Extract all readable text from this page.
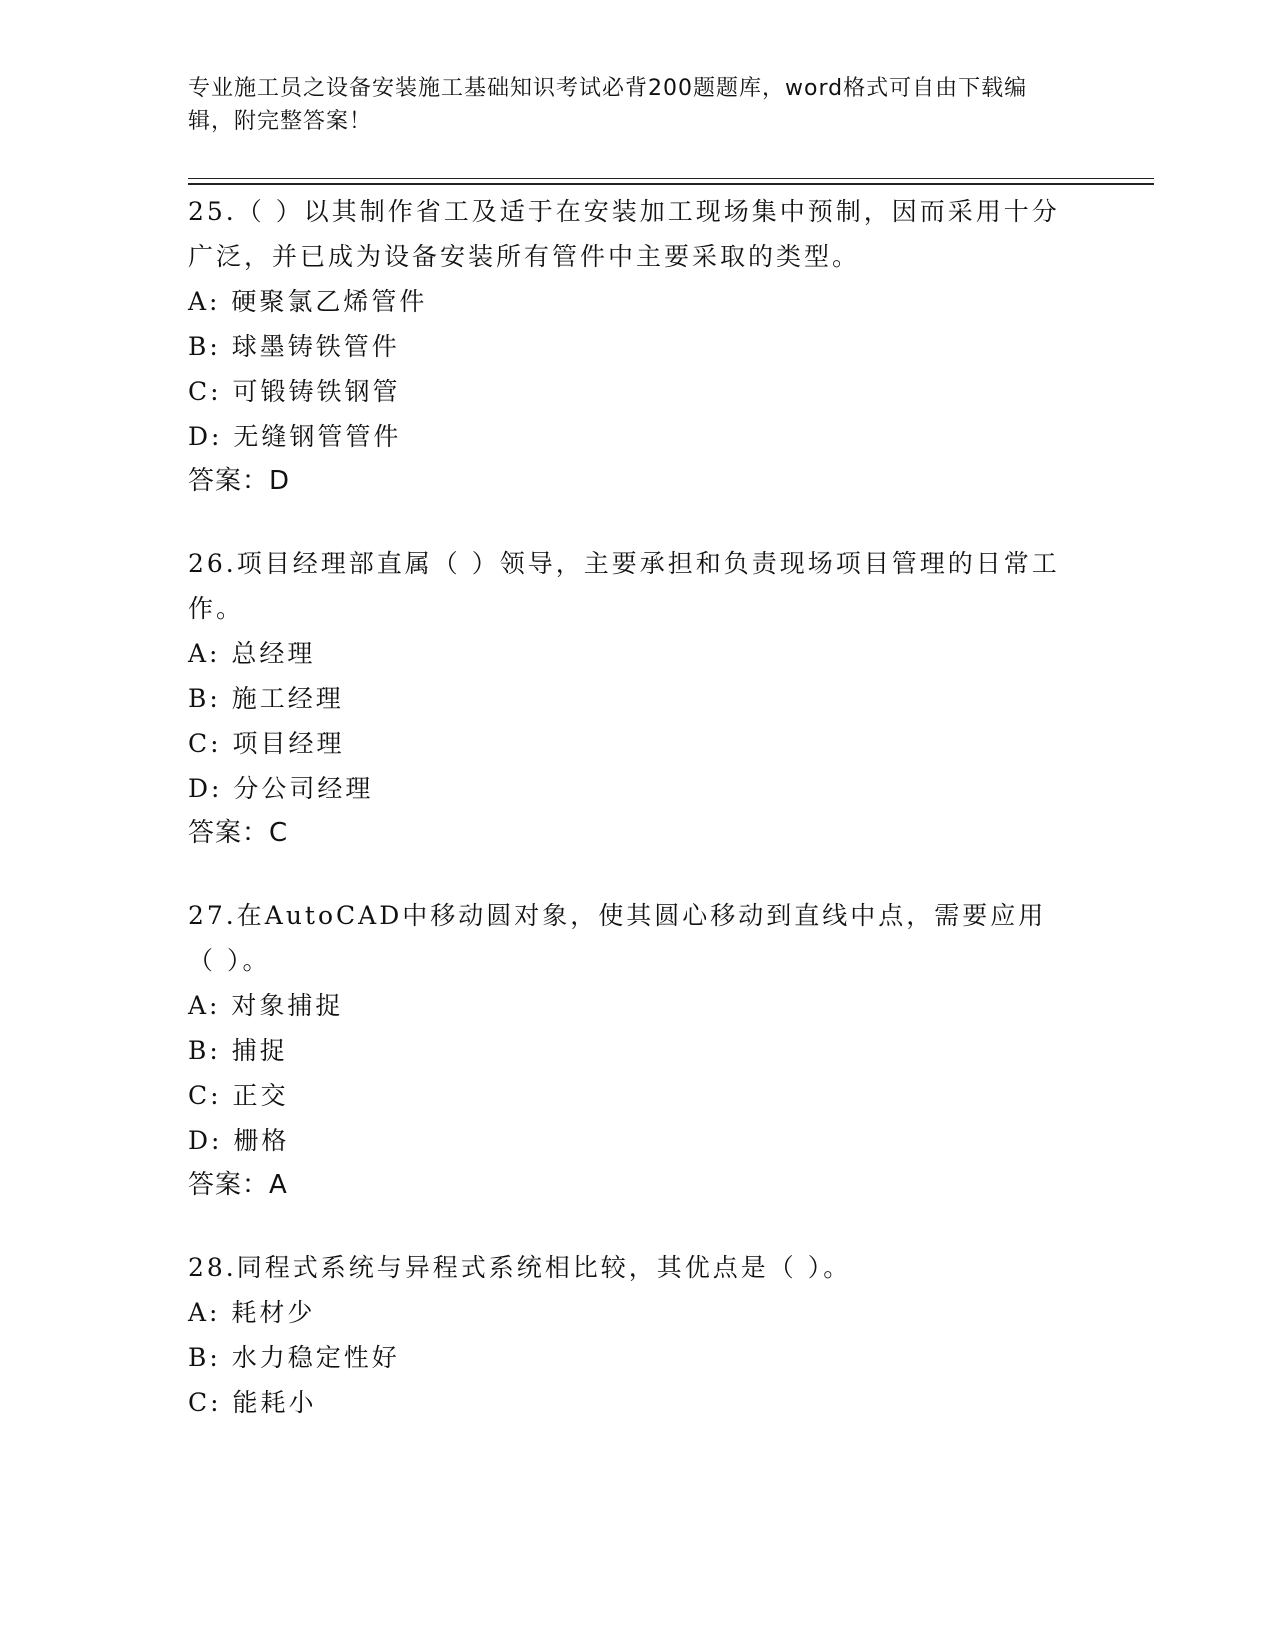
专业施工员之设备安装施工基础知识考试必背200题题库，word格式可自由下载编辑，附完整答案！

25.（ ）以其制作省工及适于在安装加工现场集中预制，因而采用十分广泛，并已成为设备安装所有管件中主要采取的类型。

A: 硬聚氯乙烯管件

B: 球墨铸铁管件

C: 可锻铸铁钢管

D: 无缝钢管管件

答案：D

26.项目经理部直属（ ）领导，主要承担和负责现场项目管理的日常工作。

A: 总经理

B: 施工经理

C: 项目经理

D: 分公司经理

答案：C

27.在AutoCAD中移动圆对象，使其圆心移动到直线中点，需要应用（ ）。

A: 对象捕捉

B: 捕捉

C: 正交

D: 栅格

答案：A

28.同程式系统与异程式系统相比较，其优点是（ ）。

A: 耗材少

B: 水力稳定性好

C: 能耗小
